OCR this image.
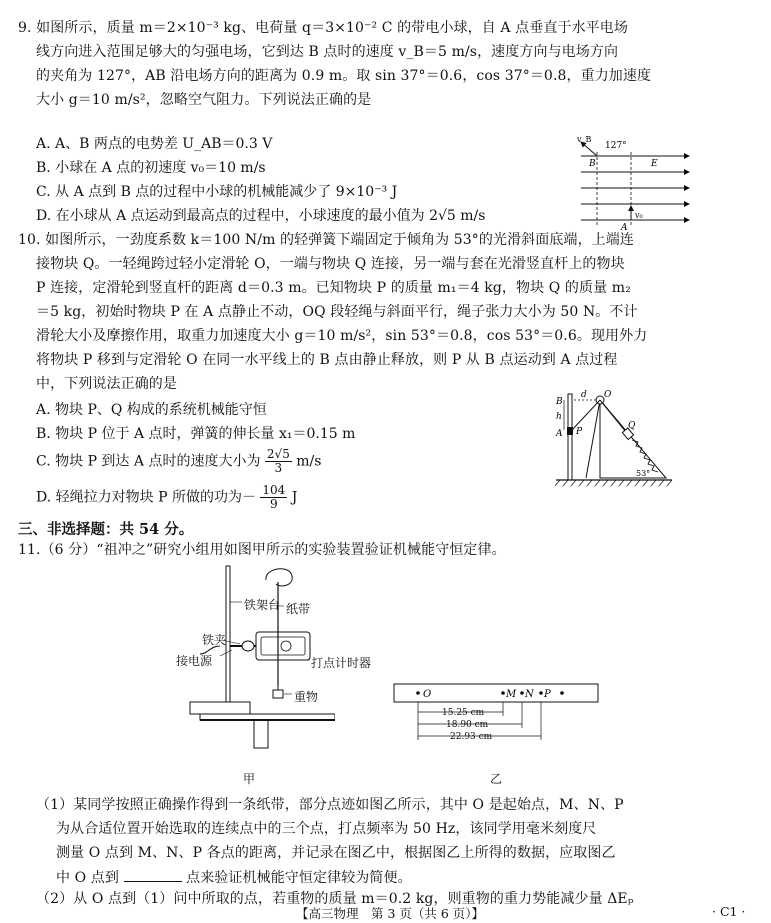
9. 如图所示，质量 m＝2×10⁻³ kg、电荷量 q＝3×10⁻² C 的带电小球，自 A 点垂直于水平电场
线方向进入范围足够大的匀强电场，它到达 B 点时的速度 v_B＝5 m/s，速度方向与电场方向
的夹角为 127°，AB 沿电场方向的距离为 0.9 m。取 sin 37°＝0.6，cos 37°＝0.8，重力加速度
大小 g＝10 m/s²，忽略空气阻力。下列说法正确的是
A. A、B 两点的电势差 U_AB＝0.3 V
B. 小球在 A 点的初速度 v₀＝10 m/s
C. 从 A 点到 B 点的过程中小球的机械能减少了 9×10⁻³ J
D. 在小球从 A 点运动到最高点的过程中，小球速度的最小值为 2√5 m/s
v_B
127°
B	E
A
v₀
10. 如图所示，一劲度系数 k＝100 N/m 的轻弹簧下端固定于倾角为 53°的光滑斜面底端，上端连
接物块 Q。一轻绳跨过轻小定滑轮 O，一端与物块 Q 连接，另一端与套在光滑竖直杆上的物块
P 连接，定滑轮到竖直杆的距离 d＝0.3 m。已知物块 P 的质量 m₁＝4 kg，物块 Q 的质量 m₂
＝5 kg，初始时物块 P 在 A 点静止不动，OQ 段轻绳与斜面平行，绳子张力大小为 50 N。不计
滑轮大小及摩擦作用，取重力加速度大小 g＝10 m/s²，sin 53°＝0.8，cos 53°＝0.6。现用外力
将物块 P 移到与定滑轮 O 在同一水平线上的 B 点由静止释放，则 P 从 B 点运动到 A 点过程
中，下列说法正确的是
A. 物块 P、Q 构成的系统机械能守恒
B. 物块 P 位于 A 点时，弹簧的伸长量 x₁＝0.15 m
C. 物块 P 到达 A 点时的速度大小为 $\frac{2√5}{3} m/s$
D. 轻绳拉力对物块 P 所做的功为－ $\frac{104}{9}$ J
d O
B
h
A P
Q
53°
三、非选择题：共 54 分。
11.（6 分）“祖冲之”研究小组用如图甲所示的实验装置验证机械能守恒定律。
铁架台 纸带
铁夹
接电源	打点计时器
重物
甲
O	M N P
15.25 cm
18.90 cm
22.93 cm
乙
（1）某同学按照正确操作得到一条纸带，部分点迹如图乙所示，其中 O 是起始点，M、N、P
为从合适位置开始选取的连续点中的三个点，打点频率为 50 Hz，该同学用毫米刻度尺
测量 O 点到 M、N、P 各点的距离，并记录在图乙中，根据图乙上所得的数据，应取图乙
中 O 点到	点来验证机械能守恒定律较为简便。
（2）从 O 点到（1）问中所取的点，若重物的质量 m＝0.2 kg，则重物的重力势能减少量 ΔEₚ
【高三物理　第 3 页（共 6 页）】	· C1 ·
